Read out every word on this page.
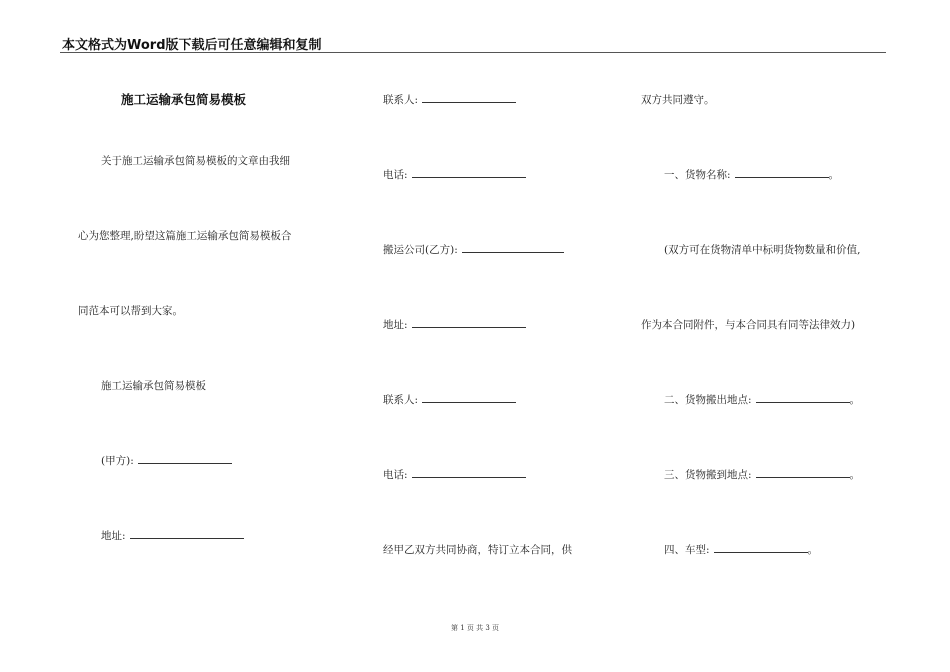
本文格式为Word版下载后可任意编辑和复制
施工运输承包简易模板
关于施工运输承包简易模板的文章由我细
心为您整理,盼望这篇施工运输承包简易模板合
同范本可以帮到大家。
施工运输承包简易模板
(甲方):
地址:
联系人:
电话:
搬运公司(乙方):
地址:
联系人:
电话:
经甲乙双方共同协商，特订立本合同，供
双方共同遵守。
一、货物名称:	。
(双方可在货物清单中标明货物数量和价值,
作为本合同附件，与本合同具有同等法律效力)
二、货物搬出地点:	。
三、货物搬到地点:	。
四、车型:	。
第 1 页 共 3 页
